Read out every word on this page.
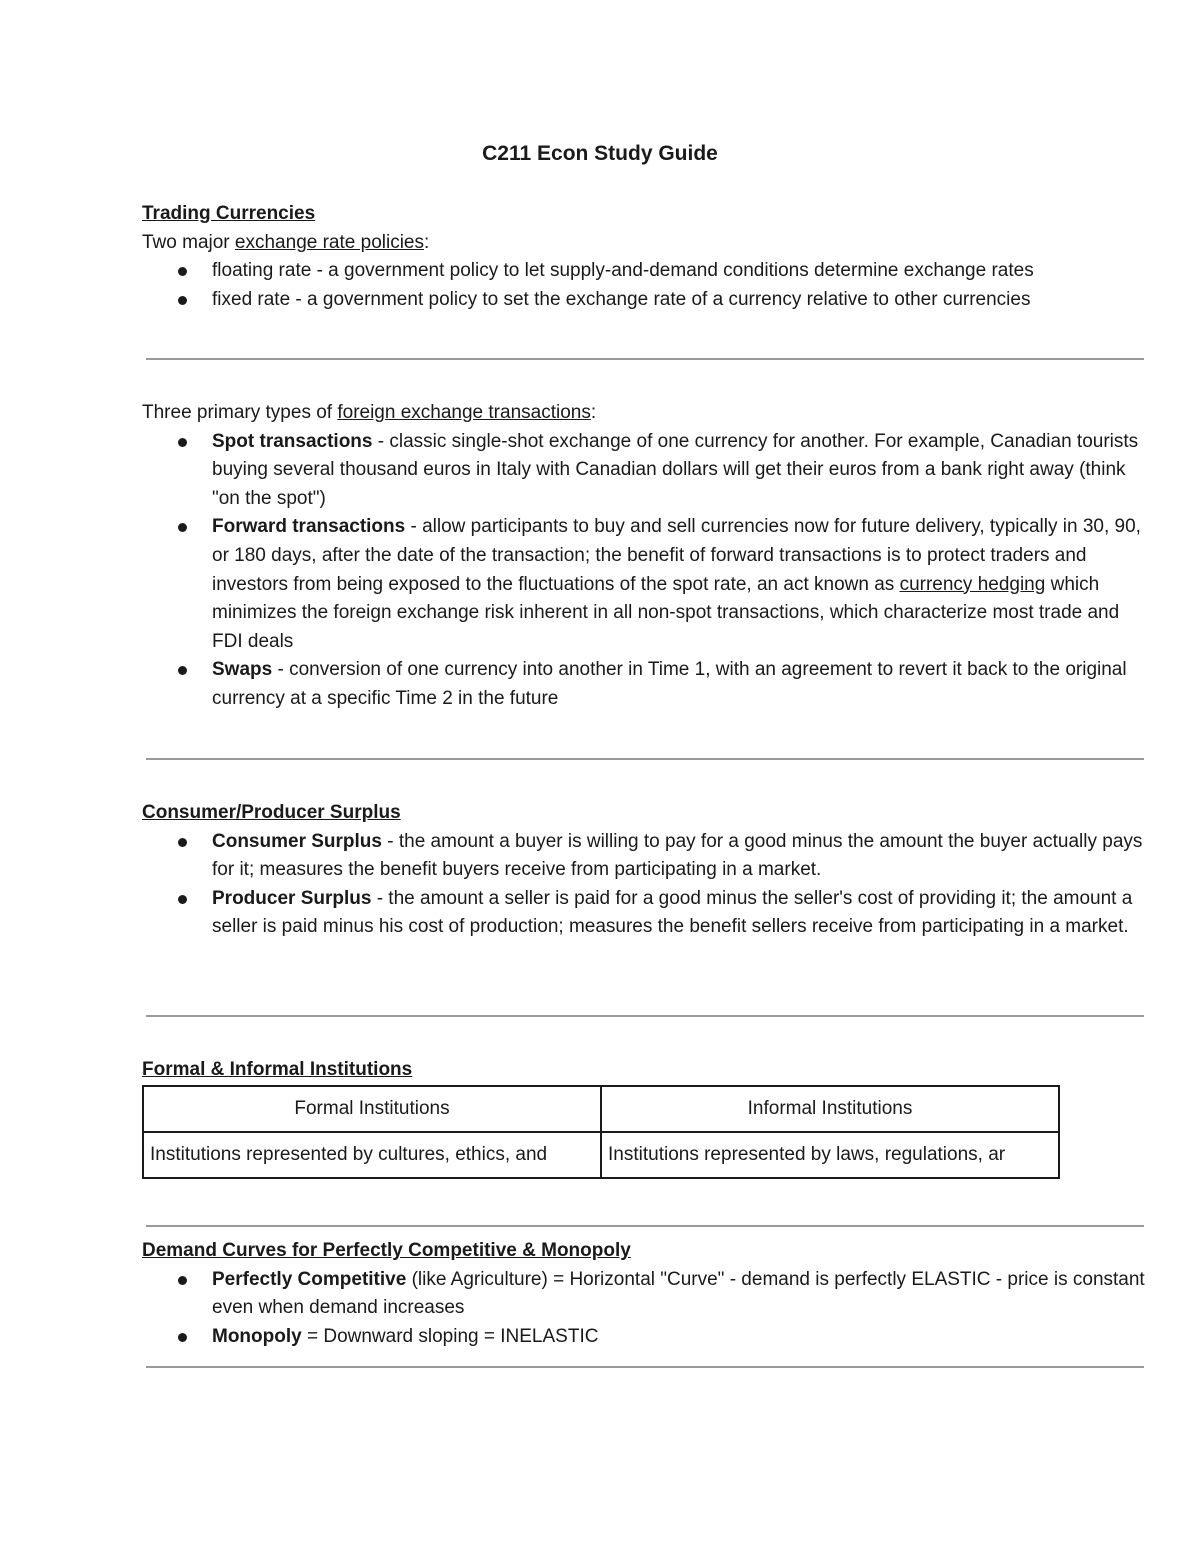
C211 Econ Study Guide

Trading Currencies

Two major exchange rate policies:

floating rate - a government policy to let supply-and-demand conditions determine exchange rates
fixed rate - a government policy to set the exchange rate of a currency relative to other currencies

Three primary types of foreign exchange transactions:

Spot transactions - classic single-shot exchange of one currency for another. For example, Canadian tourists buying several thousand euros in Italy with Canadian dollars will get their euros from a bank right away (think "on the spot")
Forward transactions - allow participants to buy and sell currencies now for future delivery, typically in 30, 90, or 180 days, after the date of the transaction; the benefit of forward transactions is to protect traders and investors from being exposed to the fluctuations of the spot rate, an act known as currency hedging which minimizes the foreign exchange risk inherent in all non-spot transactions, which characterize most trade and FDI deals
Swaps - conversion of one currency into another in Time 1, with an agreement to revert it back to the original currency at a specific Time 2 in the future

Consumer/Producer Surplus

Consumer Surplus - the amount a buyer is willing to pay for a good minus the amount the buyer actually pays for it; measures the benefit buyers receive from participating in a market.
Producer Surplus - the amount a seller is paid for a good minus the seller's cost of providing it; the amount a seller is paid minus his cost of production; measures the benefit sellers receive from participating in a market.

Formal & Informal Institutions

Formal Institutions	Informal Institutions
Institutions represented by cultures, ethics, and	Institutions represented by laws, regulations, ar

Demand Curves for Perfectly Competitive & Monopoly

Perfectly Competitive (like Agriculture) = Horizontal "Curve" - demand is perfectly ELASTIC - price is constant even when demand increases
Monopoly = Downward sloping = INELASTIC
